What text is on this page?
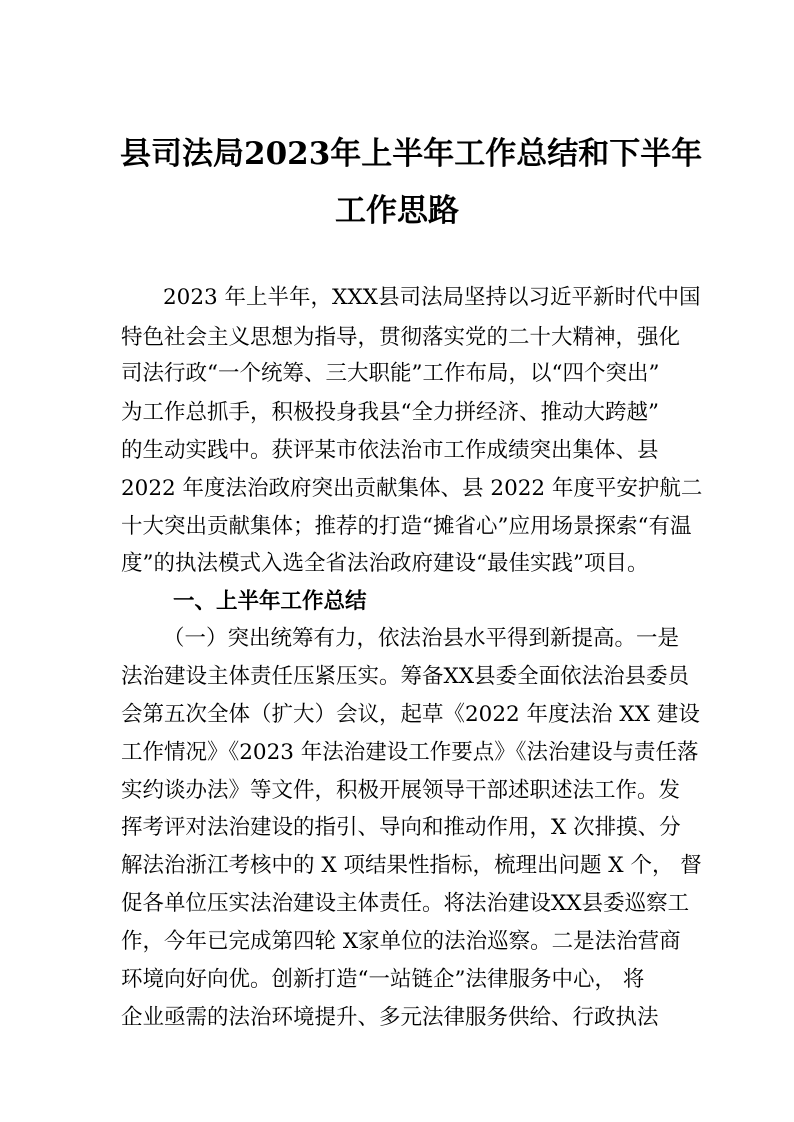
县司法局2023年上半年工作总结和下半年
工作思路
2023 年上半年，XXX县司法局坚持以习近平新时代中国
特色社会主义思想为指导，贯彻落实党的二十大精神，强化
司法行政“一个统筹、三大职能”工作布局，以“四个突出”
为工作总抓手，积极投身我县“全力拼经济、推动大跨越”
的生动实践中。获评某市依法治市工作成绩突出集体、县
2022 年度法治政府突出贡献集体、县 2022 年度平安护航二
十大突出贡献集体；推荐的打造“摊省心”应用场景探索“有温
度”的执法模式入选全省法治政府建设“最佳实践”项目。
一、上半年工作总结
（一）突出统筹有力，依法治县水平得到新提高。一是
法治建设主体责任压紧压实。筹备XX县委全面依法治县委员
会第五次全体（扩大）会议，起草《2022 年度法治 XX 建设
工作情况》《2023 年法治建设工作要点》《法治建设与责任落
实约谈办法》等文件，积极开展领导干部述职述法工作。发
挥考评对法治建设的指引、导向和推动作用，X 次排摸、分
解法治浙江考核中的 X 项结果性指标，梳理出问题 X 个， 督
促各单位压实法治建设主体责任。将法治建设XX县委巡察工
作，今年已完成第四轮 X家单位的法治巡察。二是法治营商
环境向好向优。创新打造“一站链企”法律服务中心， 将
企业亟需的法治环境提升、多元法律服务供给、行政执法
